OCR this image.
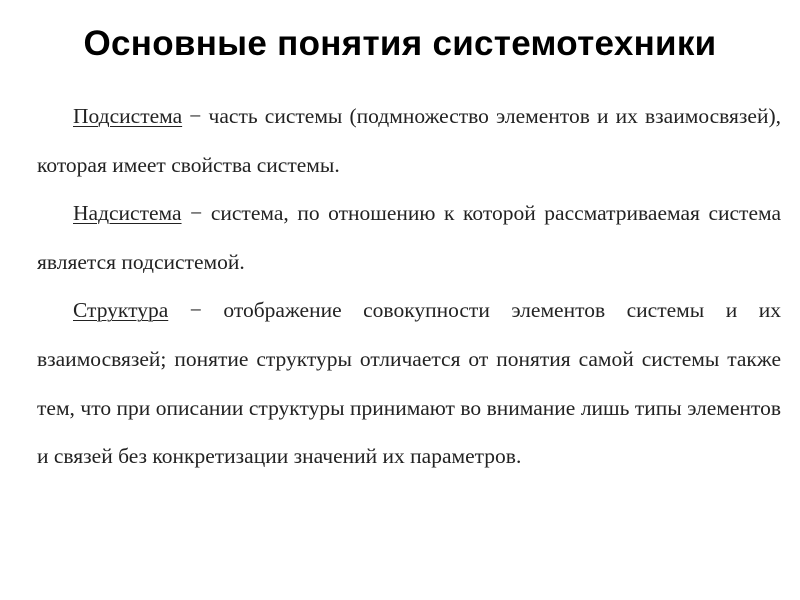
Основные понятия системотехники

Подсистема − часть системы (подмножество элементов и их взаимосвязей), которая имеет свойства системы.

Надсистема − система, по отношению к которой рассматриваемая система является подсистемой.

Структура − отображение совокупности элементов системы и их взаимосвязей; понятие структуры отличается от понятия самой системы также тем, что при описании структуры принимают во внимание лишь типы элементов и связей без конкретизации значений их параметров.
